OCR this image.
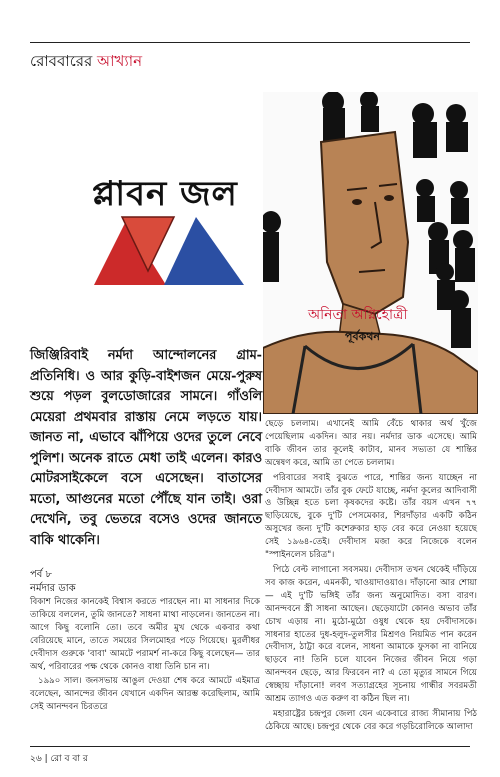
রোববারের আখ্যান
প্লাবন জল
অনিতা অগ্নিহোত্রী
পূর্বকথন
জিঞ্জিরিবাই নর্মদা আন্দোলনের গ্রাম-প্রতিনিধি। ও আর কুড়ি-বাইশজন মেয়ে-পুরুষ শুয়ে পড়ল বুলডোজারের সামনে। গাঁওলি মেয়েরা প্রথমবার রাস্তায় নেমে লড়তে যায়। জানত না, এভাবে ঝাঁপিয়ে ওদের তুলে নেবে পুলিশ। অনেক রাতে মেধা তাই এলেন। কারও মোটরসাইকেলে বসে এসেছেন। বাতাসের মতো, আগুনের মতো পৌঁছে যান তাই। ওরা দেখেনি, তবু ভেতরে বসেও ওদের জানতে বাকি থাকেনি।
পর্ব ৮
নর্মদার ডাক

বিকাশ নিজের কানকেই বিশ্বাস করতে পারছেন না। মা সাধনার দিকে তাকিয়ে বললেন, তুমি জানতে? সাধনা মাথা নাড়লেন। জানতেন না। আগে কিছু বলোনি তো। তবে অমীর মুখ থেকে একবার কথা বেরিয়েছে মানে, তাতে সময়ের সিলমোহর পড়ে গিয়েছে। মুরলীধর দেবীদাস গুরুকে 'বাবা' আমটে পরামর্শ না-করে কিছু বলেছেন— তার অর্থ, পরিবারের পক্ষ থেকে কোনও বাধা তিনি চান না।

১৯৯০ সাল। জনসভায় আঙুল দেওয়া শেষ করে আমটে এইমাত্র বলেছেন, আনন্দের জীবন যেখানে একদিন আরম্ভ করেছিলাম, আমি সেই আনন্দবন চিরতরে

ছেড়ে চললাম। এখানেই আমি বেঁচে থাকার অর্থ খুঁজে পেয়েছিলাম একদিন। আর নয়। নর্মদার ডাক এসেছে। আমি বাকি জীবন তার কূলেই কাটাব, মানব সভ্যতা যে শান্তির অন্বেষণ করে, আমি তা পেতে চললাম।

পরিবারের সবাই বুঝতে পারে, শান্তির জন্য যাচ্ছেন না দেবীদাস আমটে। তাঁর বুক ফেটে যাচ্ছে, নর্মদা কূলের আদিবাসী ও উচ্ছিন্ন হতে চলা কৃষকদের কষ্টে। তাঁর বয়স এখন ৭৭ ছাড়িয়েছে, বুকে দু'টি পেসমেকার, শিরদাঁড়ার একটি কঠিন অসুখের জন্য দু'টি কশেরুকার হাড় বের করে নেওয়া হয়েছে সেই ১৯৬৪-তেই। দেবীদাস মজা করে নিজেকে বলেন "স্পাইনলেস চরিত্র"।

পিঠে বেল্ট লাগানো সবসময়। দেবীদাস তখন থেকেই দাঁড়িয়ে সব কাজ করেন, এমনকী, খাওয়াদাওয়াও। দাঁড়ানো আর শোয়া— এই দু'টি ভঙ্গিই তাঁর জন্য অনুমোদিত। বসা বারণ। আনন্দবনে স্ত্রী সাধনা আছেন। ছেড়েযাটো কোনও অভাব তাঁর চোখ এড়ায় না। মুঠো-মুঠো ওষুধ থেকে হয় দেবীদাসকে। সাধনার হাতের দুধ-হলুদ-তুলসীর মিশ্রণও নিয়মিত পান করেন দেবীদাস, ঠাট্টা করে বলেন, সাধনা আমাকে ফুসকা না বানিয়ে ছাড়বে না! তিনি চলে যাবেন নিজের জীবন নিয়ে গড়া আনন্দবন ছেড়ে, আর ফিরবেন না? এ তো মৃত্যুর সামনে গিয়ে স্বেচ্ছায় দাঁড়ানো! লবণ সত্যাগ্রহের সূচনায় গান্ধীর সবরমতী আশ্রম ত্যাগও এত করুণ বা কঠিন ছিল না।

মহারাষ্ট্রের চন্দ্রপুর জেলা যেন একেবারে রাজ্য সীমানায় পিঠ ঠেকিয়ে আছে। চন্দ্রপুর থেকে বের করে গড়চিরোলিকে আলাদা

২৬ | রো ব বা র
